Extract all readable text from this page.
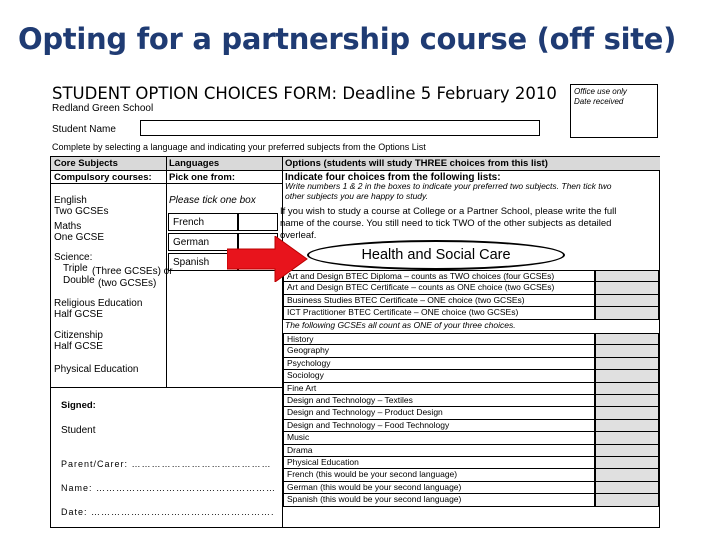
Opting for a partnership course (off site)
STUDENT OPTION CHOICES FORM: Deadline 5 February 2010
Redland Green School
Office use only
Date received
Student Name
Complete by selecting a language and indicating your preferred subjects from the Options List
Core Subjects	Languages	Options (students will study THREE choices from this list)
Compulsory courses:
English
Two GCSEs
Maths
One GCSE
Science:
Triple (Three GCSEs) or
Double (two GCSEs)
Religious Education
Half GCSE
Citizenship
Half GCSE
Physical Education
Pick one from:
Please tick one box
French
German
Spanish
Indicate four choices from the following lists:
Write numbers 1 & 2 in the boxes to indicate your preferred two subjects. Then tick two
other subjects you are happy to study.
Art and Design BTEC Diploma – counts as TWO choices (four GCSEs)
Art and Design BTEC Certificate – counts as ONE choice (two GCSEs)
Business Studies BTEC Certificate – ONE choice (two GCSEs)
ICT Practitioner BTEC Certificate – ONE choice (two GCSEs)
The following GCSEs all count as ONE of your three choices.
History
Geography
Psychology
Sociology
Fine Art
Design and Technology – Textiles
Design and Technology – Product Design
Design and Technology – Food Technology
Music
Drama
Physical Education
French (this would be your second language)
German (this would be your second language)
Spanish (this would be your second language)
Signed:
Student
Parent/Carer: ……………………………………
Name: ………………………………………………
Date: ……………………………………………….
If you wish to study a course at College or a Partner School, please write the full
name of the course. You still need to tick TWO of the other subjects as detailed
overleaf.
Health and Social Care
